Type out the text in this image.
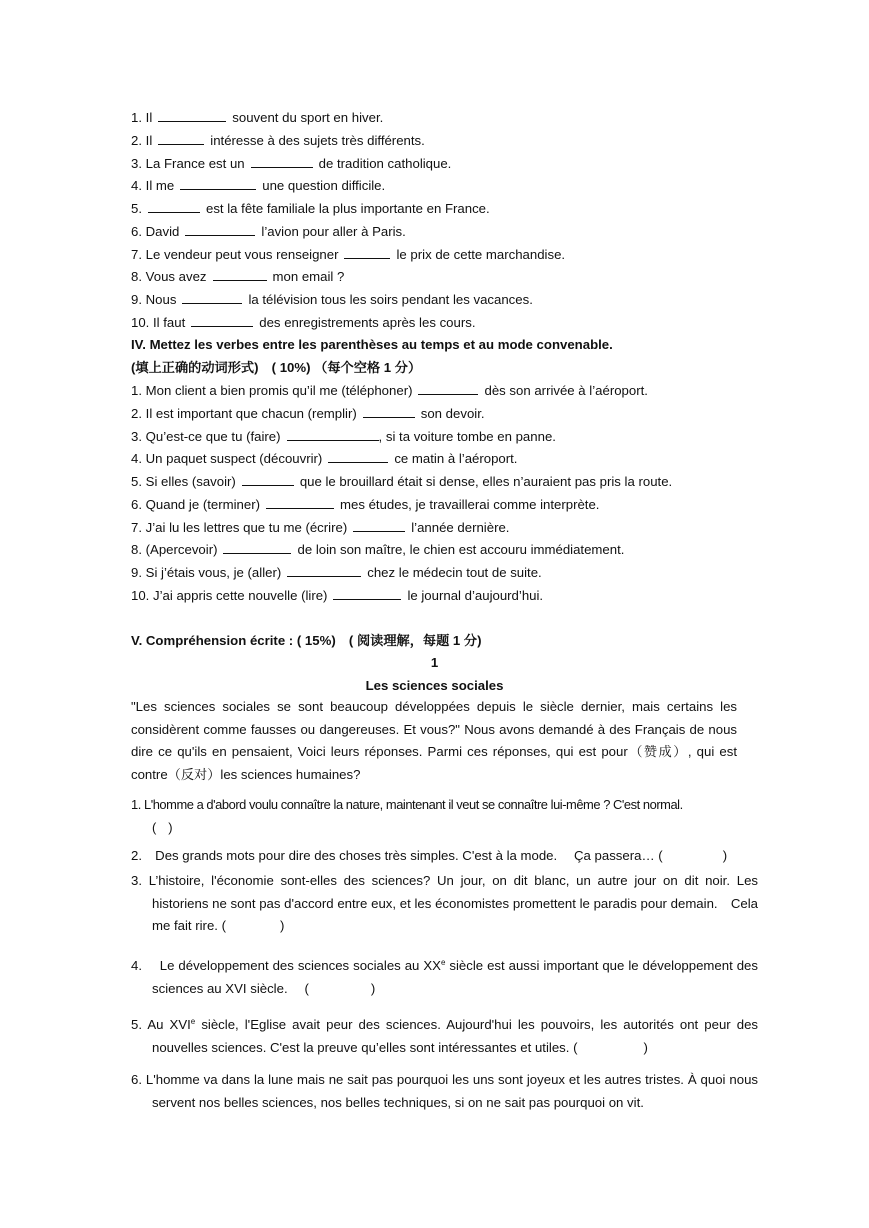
1. Il	souvent du sport en hiver.
2. Il	intéresse à des sujets très différents.
3. La France est un	de tradition catholique.
4. Il me	une question difficile.
5.	est la fête familiale la plus importante en France.
6. David	l’avion pour aller à Paris.
7. Le vendeur peut vous renseigner	le prix de cette marchandise.
8. Vous avez	mon email ?
9. Nous	la télévision tous les soirs pendant les vacances.
10. Il faut	des enregistrements après les cours.
IV. Mettez les verbes entre les parenthèses au temps et au mode convenable.
(填上正确的动词形式)　( 10%) （每个空格 1 分）
1. Mon client a bien promis qu’il me (téléphoner)	dès son arrivée à l’aéroport.
2. Il est important que chacun (remplir)	son devoir.
3. Qu’est-ce que tu (faire)	, si ta voiture tombe en panne.
4. Un paquet suspect (découvrir)	ce matin à l’aéroport.
5. Si elles (savoir)	que le brouillard était si dense, elles n’auraient pas pris la route.
6. Quand je (terminer)	mes études, je travaillerai comme interprète.
7. J’ai lu les lettres que tu me (écrire)	l’année dernière.
8. (Apercevoir)	de loin son maître, le chien est accouru immédiatement.
9. Si j’étais vous, je (aller)	chez le médecin tout de suite.
10. J’ai appris cette nouvelle (lire)	le journal d’aujourd’hui.
V. Compréhension écrite : ( 15%)　( 阅读理解，每题 1 分)
1
Les sciences sociales
"Les sciences sociales se sont beaucoup développées depuis le siècle dernier, mais certains les considèrent comme fausses ou dangereuses. Et vous?" Nous avons demandé à des Français de nous dire ce qu'ils en pensaient, Voici leurs réponses. Parmi ces réponses, qui est pour（赞成）, qui est contre（反对）les sciences humaines?
1. L'homme a d'abord voulu connaître la nature, maintenant il veut se connaître lui-même ? C'est normal.
(　)
2.　Des grands mots pour dire des choses très simples. C'est à la mode.　 Ça passera… (	)
3. L’histoire, l'économie sont-elles des sciences? Un jour, on dit blanc, un autre jour on dit noir. Les historiens ne sont pas d'accord entre eux, et les économistes promettent le paradis pour demain.　Cela me fait rire. (	)
4.　 Le développement des sciences sociales au XXe siècle est aussi important que le développement des sciences au XVI siècle.　 (	)
5. Au XVIe siècle, l'Eglise avait peur des sciences. Aujourd'hui les pouvoirs, les autorités ont peur des nouvelles sciences. C'est la preuve qu’elles sont intéressantes et utiles. (	)
6. L'homme va dans la lune mais ne sait pas pourquoi les uns sont joyeux et les autres tristes. À quoi nous servent nos belles sciences, nos belles techniques, si on ne sait pas pourquoi on vit.
